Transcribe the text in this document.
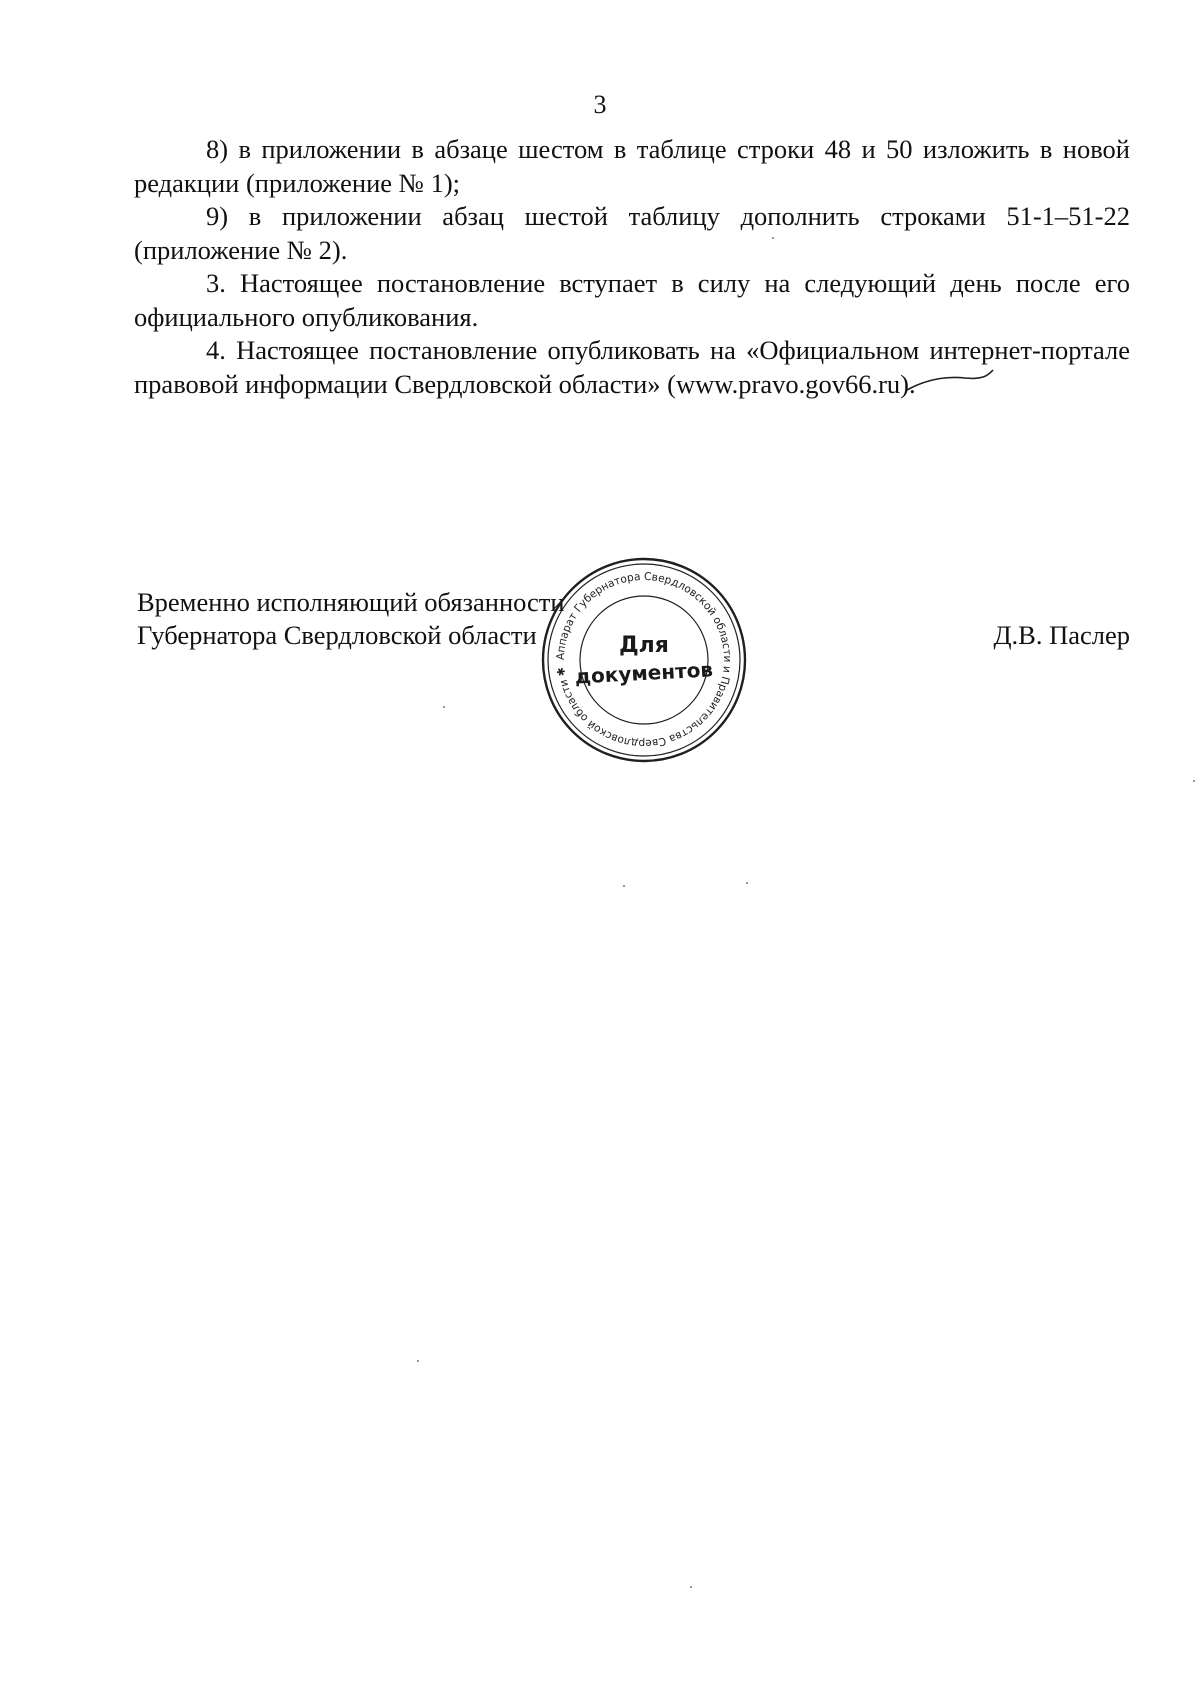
3

8) в приложении в абзаце шестом в таблице строки 48 и 50 изложить в новой редакции (приложение № 1);

9) в приложении абзац шестой таблицу дополнить строками 51-1–51-22 (приложение № 2).

3. Настоящее постановление вступает в силу на следующий день после его официального опубликования.

4. Настоящее постановление опубликовать на «Официальном интернет-портале правовой информации Свердловской области» (www.pravo.gov66.ru).

Временно исполняющий обязанности
Губернатора Свердловской области	Д.В. Паслер
Аппарат Губернатора Свердловской области и Правительства Свердловской области ✱
Для
документов
